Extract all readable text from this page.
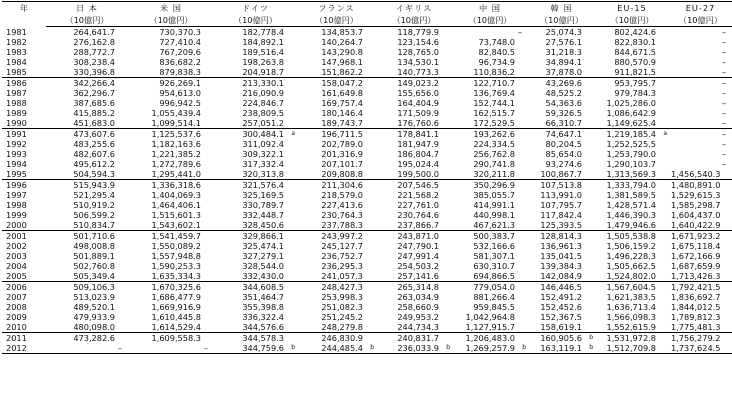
年	日 本	米 国	ドイツ	フランス	イギリス	中 国	韓 国	EU-15	EU-27
	（10億円）	（10億円）	（10億円）	（10億円）	（10億円）	（10億円）	（10億円）	（10億円）	（10億円）
1981	264,641.7	730,370.3	182,778.4	134,853.7	118,779.9	–	25,074.3	802,424.6	–
1982	276,162.8	727,410.4	184,892.1	140,264.7	123,154.6	73,748.0	27,576.1	822,830.1	–
1983	288,772.7	767,209.6	189,516.4	143,290.8	128,765.0	82,840.5	31,218.3	844,671.5	–
1984	308,238.4	836,682.2	198,263.8	147,968.1	134,530.1	96,734.9	34,894.1	880,570.9	–
1985	330,396.8	879,838.3	204,918.7	151,862.2	140,773.3	110,836.2	37,878.0	911,821.5	–
1986	342,266.4	926,269.1	213,330.1	158,047.2	149,023.2	122,710.7	43,269.6	953,795.7	–
1987	362,296.7	954,613.0	216,090.9	161,649.8	155,656.0	136,769.4	48,525.2	979,784.3	–
1988	387,685.6	996,942.5	224,846.7	169,757.4	164,404.9	152,744.1	54,363.6	1,025,286.0	–
1989	415,885.2	1,055,439.4	238,809.5	180,146.4	171,509.9	162,515.7	59,326.5	1,086,642.9	–
1990	451,683.0	1,099,514.1	257,051.2	189,743.7	176,760.6	172,529.5	66,310.7	1,149,625.4	–
1991	473,607.6	1,125,537.6	300,484.1 a	196,711.5	178,841.1	193,262.6	74,647.1	1,219,185.4 a	–
1992	483,255.6	1,182,163.6	311,092.4	202,789.0	181,947.9	224,334.5	80,204.5	1,252,525.5	–
1993	482,607.6	1,221,385.2	309,322.1	201,316.9	186,804.7	256,762.8	85,654.0	1,253,790.0	–
1994	495,612.2	1,272,789.6	317,332.4	207,101.7	195,024.4	290,741.8	93,274.6	1,290,103.7	–
1995	504,594.3	1,295,441.0	320,313.8	209,808.8	199,500.0	320,211.8	100,867.7	1,313,569.3	1,456,540.3
1996	515,943.9	1,336,318.6	321,576.4	211,304.6	207,546.5	350,296.9	107,513.8	1,333,794.0	1,480,891.0
1997	521,295.4	1,404,069.3	325,169.5	218,579.0	221,568.2	385,055.7	113,991.0	1,381,589.5	1,529,615.3
1998	510,919.2	1,464,406.1	330,789.7	227,413.6	227,761.0	414,991.1	107,795.7	1,428,571.4	1,585,298.7
1999	506,599.2	1,515,601.3	332,448.7	230,764.3	230,764.6	440,998.1	117,842.4	1,446,390.3	1,604,437.0
2000	510,834.7	1,543,602.1	328,450.6	237,788.3	237,866.7	467,621.3	125,393.5	1,479,946.6	1,640,422.9
2001	501,710.6	1,541,459.7	329,866.1	243,997.2	243,871.0	500,383.7	128,814.3	1,505,538.8	1,671,923.2
2002	498,008.8	1,550,089.2	325,474.1	245,127.7	247,790.1	532,166.6	136,961.3	1,506,159.2	1,675,118.4
2003	501,889.1	1,557,948.8	327,279.1	236,752.7	247,991.4	581,307.1	135,041.5	1,496,228.3	1,672,166.9
2004	502,760.8	1,590,253.3	328,544.0	236,295.3	254,503.2	630,310.7	139,384.3	1,505,662.5	1,687,659.9
2005	505,349.4	1,635,334.3	332,430.0	241,057.3	257,141.6	694,866.5	142,084.9	1,524,802.0	1,713,426.3
2006	509,106.3	1,670,325.6	344,608.5	248,427.3	265,314.8	779,054.0	146,446.5	1,567,604.5	1,792,421.5
2007	513,023.9	1,686,477.9	351,464.7	253,998.3	263,034.9	881,266.4	152,491.2	1,621,383.5	1,836,692.7
2008	489,520.1	1,669,916.9	355,398.8	251,082.3	258,660.9	959,845.5	152,452.6	1,636,713.4	1,844,012.5
2009	479,933.9	1,610,445.8	336,322.4	251,245.2	249,953.2	1,042,964.8	152,367.5	1,566,098.3	1,789,812.3
2010	480,098.0	1,614,529.4	344,576.6	248,279.8	244,734.3	1,127,915.7	158,619.1	1,552,615.9	1,775,481.3
2011	473,282.6	1,609,558.3	344,578.3	246,830.9	240,831.7	1,206,483.0	160,905.6 b	1,531,972.8	1,756,279.2
2012	–	–	344,759.6 b	244,485.4 b	236,033.9 b	1,269,257.9 b	163,119.1 b	1,512,709.8	1,737,624.5
